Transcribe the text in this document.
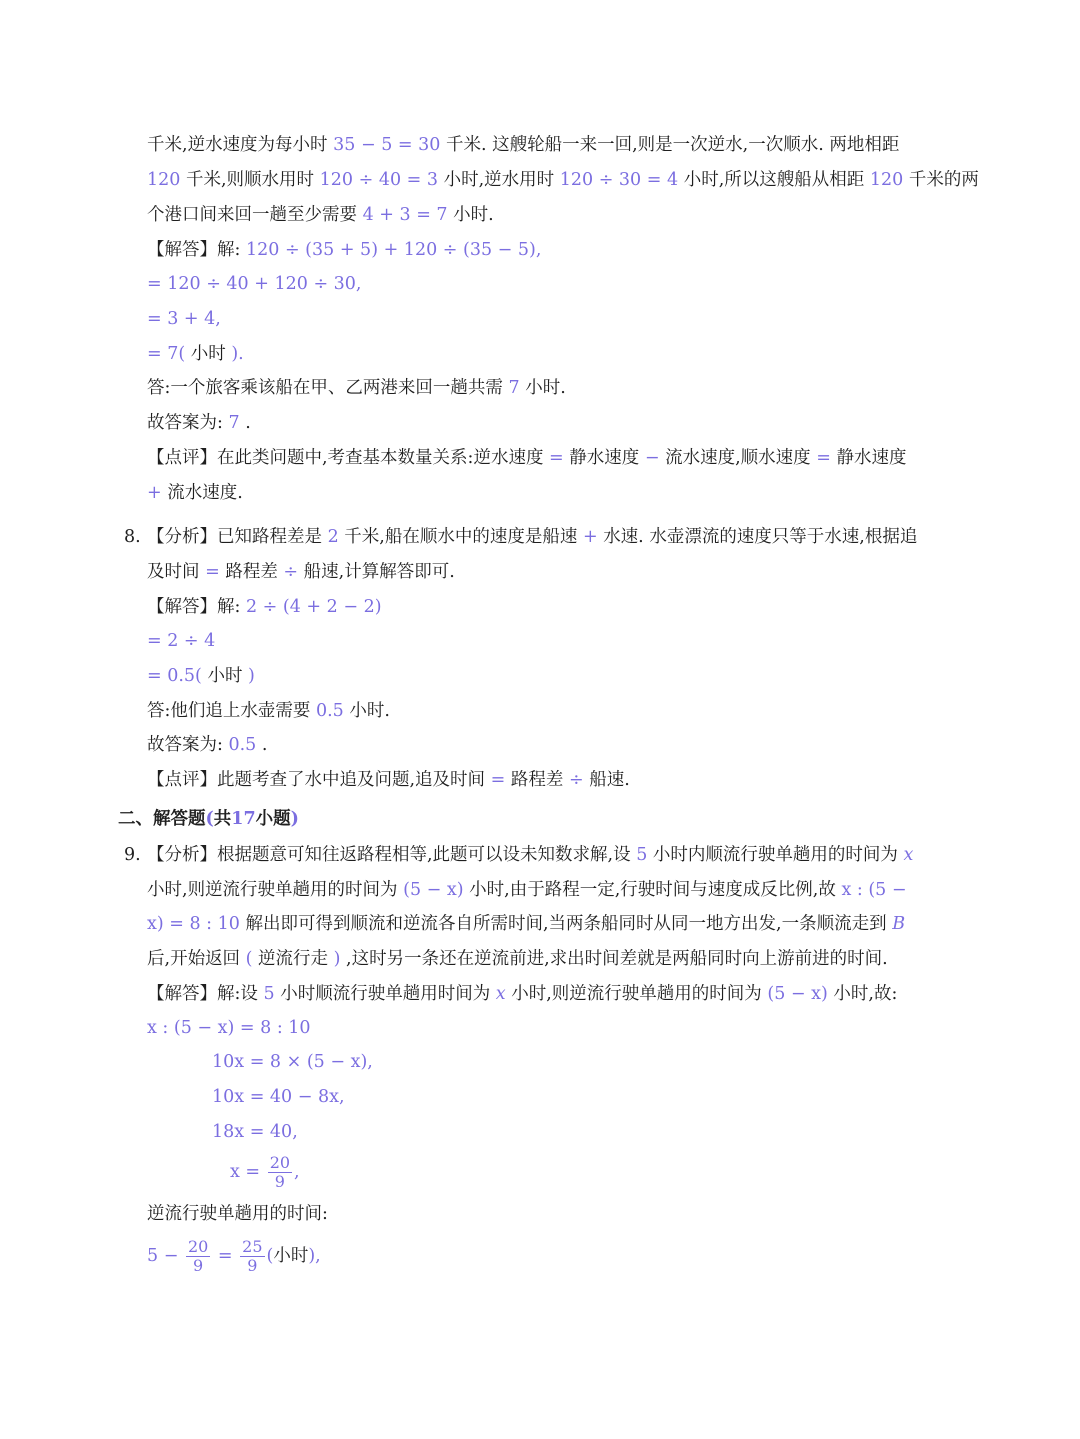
千米,逆水速度为每小时 35 − 5 = 30 千米. 这艘轮船一来一回,则是一次逆水,一次顺水. 两地相距
120 千米,则顺水用时 120 ÷ 40 = 3 小时,逆水用时 120 ÷ 30 = 4 小时,所以这艘船从相距 120 千米的两
个港口间来回一趟至少需要 4 + 3 = 7 小时.
【解答】解: 120 ÷ (35 + 5) + 120 ÷ (35 − 5),
= 120 ÷ 40 + 120 ÷ 30,
= 3 + 4,
= 7( 小时 ).
答:一个旅客乘该船在甲、乙两港来回一趟共需 7 小时.
故答案为: 7 .
【点评】在此类问题中,考查基本数量关系:逆水速度 = 静水速度 − 流水速度,顺水速度 = 静水速度
+ 流水速度.
8. 【分析】已知路程差是 2 千米,船在顺水中的速度是船速 + 水速. 水壶漂流的速度只等于水速,根据追
及时间 = 路程差 ÷ 船速,计算解答即可.
【解答】解: 2 ÷ (4 + 2 − 2)
= 2 ÷ 4
= 0.5( 小时 )
答:他们追上水壶需要 0.5 小时.
故答案为: 0.5 .
【点评】此题考查了水中追及问题,追及时间 = 路程差 ÷ 船速.
二、解答题(共17小题)
9. 【分析】根据题意可知往返路程相等,此题可以设未知数求解,设 5 小时内顺流行驶单趟用的时间为 x
小时,则逆流行驶单趟用的时间为 (5 − x) 小时,由于路程一定,行驶时间与速度成反比例,故 x : (5 −
x) = 8 : 10 解出即可得到顺流和逆流各自所需时间,当两条船同时从同一地方出发,一条顺流走到 B
后,开始返回 ( 逆流行走 ) ,这时另一条还在逆流前进,求出时间差就是两船同时向上游前进的时间.
【解答】解:设 5 小时顺流行驶单趟用时间为 x 小时,则逆流行驶单趟用的时间为 (5 − x) 小时,故:
x : (5 − x) = 8 : 10
10x = 8 × (5 − x),
10x = 40 − 8x,
18x = 40,
$x = \frac{20}{9}$ ,
逆流行驶单趟用的时间:
$5 - \frac{20}{9} = \frac{25}{9}$ (小时),
